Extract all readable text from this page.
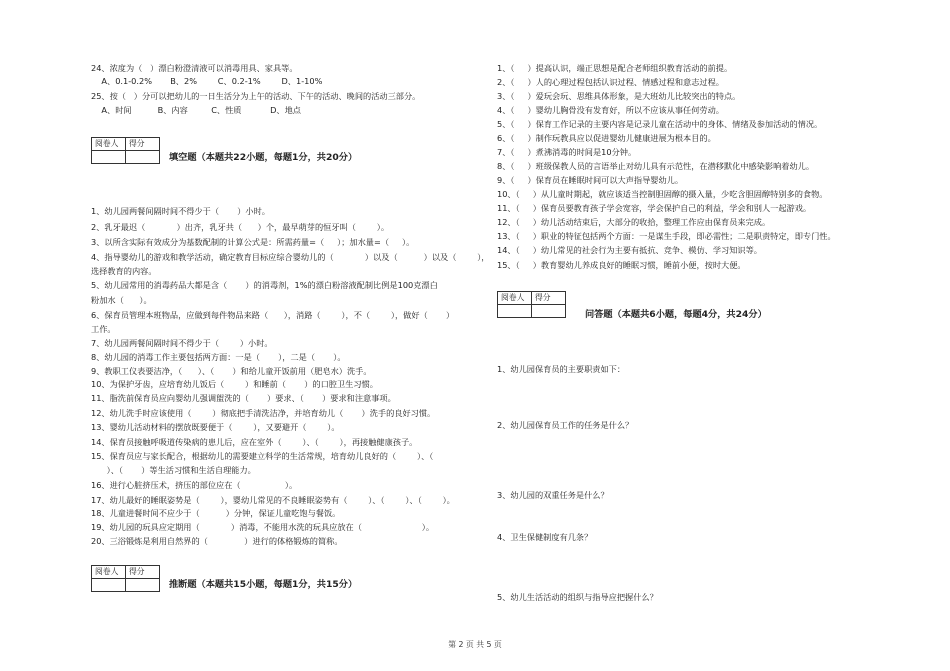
24、浓度为（   ）漂白粉澄清液可以消毒用具、家具等。
A、0.1-0.2%       B、2%        C、0.2-1%        D、1-10%
25、按（   ）分可以把幼儿的一日生活分为上午的活动、下午的活动、晚间的活动三部分。
A、时间          B、内容         C、性质           D、地点
阅卷人	得分

填空题（本题共22小题，每题1分，共20分）
1、幼儿园两餐间隔时间不得少于（       ）小时。
2、乳牙最迟（            ）出齐，乳牙共（      ）个，最早萌芽的恒牙叫（        ）。
3、以所含实际有效成分为基数配制的计算公式是：所需药量=（     ）；加水量=（     ）。
4、指导婴幼儿的游戏和教学活动，确定教育目标应综合婴幼儿的（            ）以及（          ）以及（        ），
选择教育的内容。
5、幼儿园常用的消毒药品大都是含（       ）的消毒剂，1%的漂白粉溶液配制比例是100克漂白
粉加水（      ）。
6、保育员管理本班物品，应做到每件物品来路（      ），消路（        ），不（        ），做好（       ）
工作。
7、幼儿园两餐间隔时间不得少于（        ）小时。
8、幼儿园的消毒工作主要包括两方面：一是（       ），二是（       ）。
9、教职工仪表要洁净，（      ）、（       ）和给儿童开饭前用（肥皂水）洗手。
10、为保护牙齿，应培育幼儿饭后（        ）和睡前（       ）的口腔卫生习惯。
11、脂洗前保育员应向婴幼儿强调盥洗的（       ）要求、（       ）要求和注意事项。
12、幼儿洗手时应该使用（        ）彻底把手清洗洁净，并培育幼儿（       ）洗手的良好习惯。
13、婴幼儿活动材料的摆放既要便于（        ），又要避开（        ）。
14、保育员接触呼吸道传染病的患儿后，应在室外（        ）、（        ），再接触健康孩子。
15、保育员应与家长配合，根据幼儿的需要建立科学的生活常规，培育幼儿良好的（        ）、（
）、（       ）等生活习惯和生活自理能力。
16、进行心脏挤压术，挤压的部位应在（                 ）。
17、幼儿最好的睡眠姿势是（        ），婴幼儿常见的不良睡眠姿势有（        ）、（        ）、（        ）。
18、儿童进餐时间不应少于（          ）分钟，保证儿童吃饱与餐饭。
19、幼儿园的玩具应定期用（            ）消毒，不能用水洗的玩具应放在（                       ）。
20、三浴锻炼是利用自然界的（              ）进行的体格锻炼的简称。
阅卷人	得分

推断题（本题共15小题，每题1分，共15分）
1、（     ）提高认识，端正思想是配合老师组织教育活动的前提。
2、（     ）人的心理过程包括认识过程、情感过程和意志过程。
3、（     ）爱玩会玩、思维具体形象，是大班幼儿比较突出的特点。
4、（     ）婴幼儿胸骨没有发育好，所以不应该从事任何劳动。
5、（     ）保育工作记录的主要内容是记录儿童在活动中的身体、情绪及参加活动的情况。
6、（     ）制作玩教具应以促进婴幼儿健康进展为根本目的。
7、（     ）煮沸消毒的时间是10分钟。
8、（     ）班级保教人员的言语举止对幼儿具有示范性，在潜移默化中感染影响着幼儿。
9、（     ）保育员在睡眠时间可以大声指导婴幼儿。
10、（     ）从儿童时期起，就应该适当控制胆固醇的摄入量，少吃含胆固醇特别多的食物。
11、（     ）保育员要教育孩子学会宽容，学会保护自己的利益，学会和别人一起游戏。
12、（     ）幼儿活动结束后，大部分的收拾，整理工作应由保育员来完成。
13、（     ）职业的特征包括两个方面：一是谋生手段，即必需性；二是职责特定，即专门性。
14、（     ）幼儿常见的社会行为主要有抵抗、竞争、模仿、学习知识等。
15、（     ）教育婴幼儿养成良好的睡眠习惯，睡前小便，按时大便。
阅卷人	得分

问答题（本题共6小题，每题4分，共24分）
1、幼儿园保育员的主要职责如下：
2、幼儿园保育员工作的任务是什么？
3、幼儿园的双重任务是什么？
4、卫生保健制度有几条？
5、幼儿生活活动的组织与指导应把握什么？
第 2 页 共 5 页
